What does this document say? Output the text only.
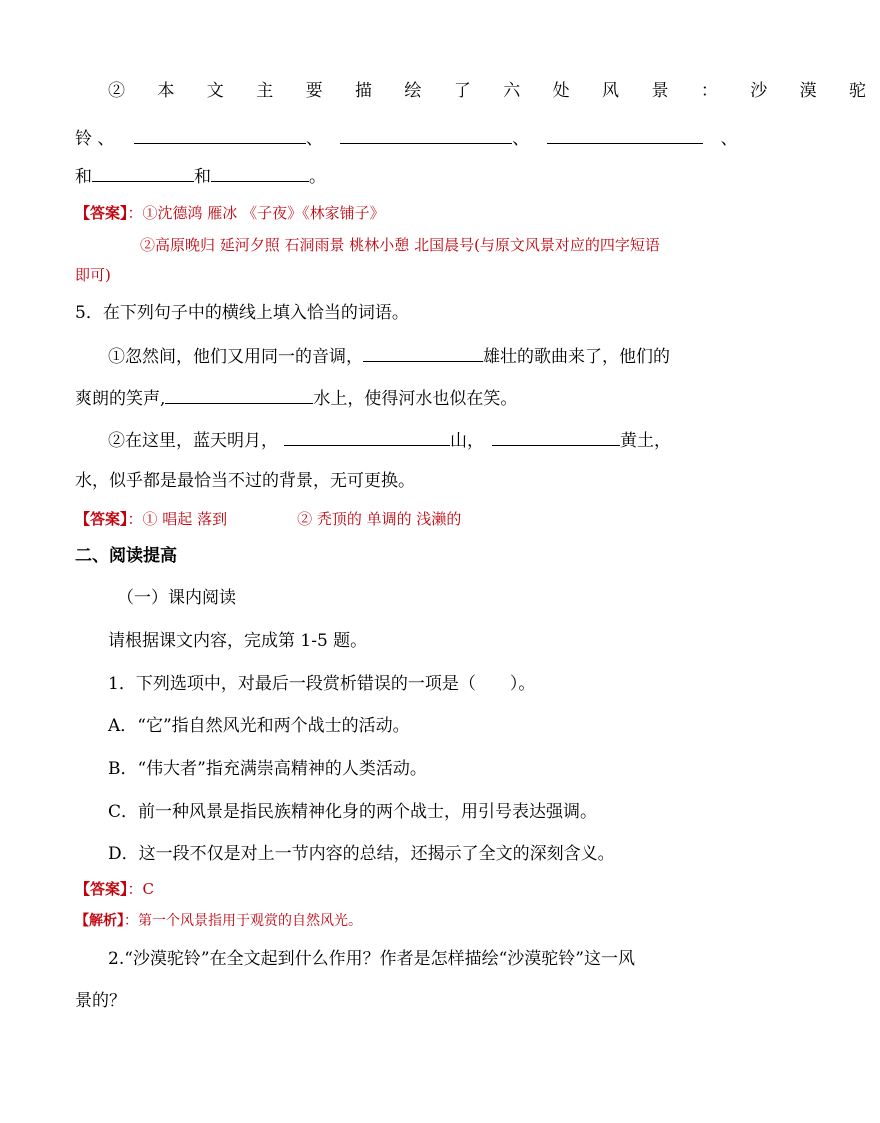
② 本 文 主 要 描 绘 了 六 处 风 景 ： 沙 漠 驼
铃 、	、	、	、
和	和	。
【答案】：①沈德鸿 雁冰 《子夜》《林家铺子》
②高原晚归 延河夕照 石洞雨景 桃林小憩 北国晨号(与原文风景对应的四字短语
即可)
5．在下列句子中的横线上填入恰当的词语。
①忽然间，他们又用同一的音调，	雄壮的歌曲来了，他们的
爽朗的笑声,	水上，使得河水也似在笑。
②在这里，蓝天明月，	山，	黄土，
水，似乎都是最恰当不过的背景，无可更换。
【答案】：① 唱起 落到	② 秃顶的 单调的 浅濑的
二、阅读提高
（一）课内阅读
请根据课文内容，完成第 1-5 题。
1．下列选项中，对最后一段赏析错误的一项是（　　）。
A．“它”指自然风光和两个战士的活动。
B．“伟大者”指充满崇高精神的人类活动。
C．前一种风景是指民族精神化身的两个战士，用引号表达强调。
D．这一段不仅是对上一节内容的总结，还揭示了全文的深刻含义。
【答案】：C
【解析】：第一个风景指用于观赏的自然风光。
2.“沙漠驼铃”在全文起到什么作用？作者是怎样描绘“沙漠驼铃”这一风
景的？
